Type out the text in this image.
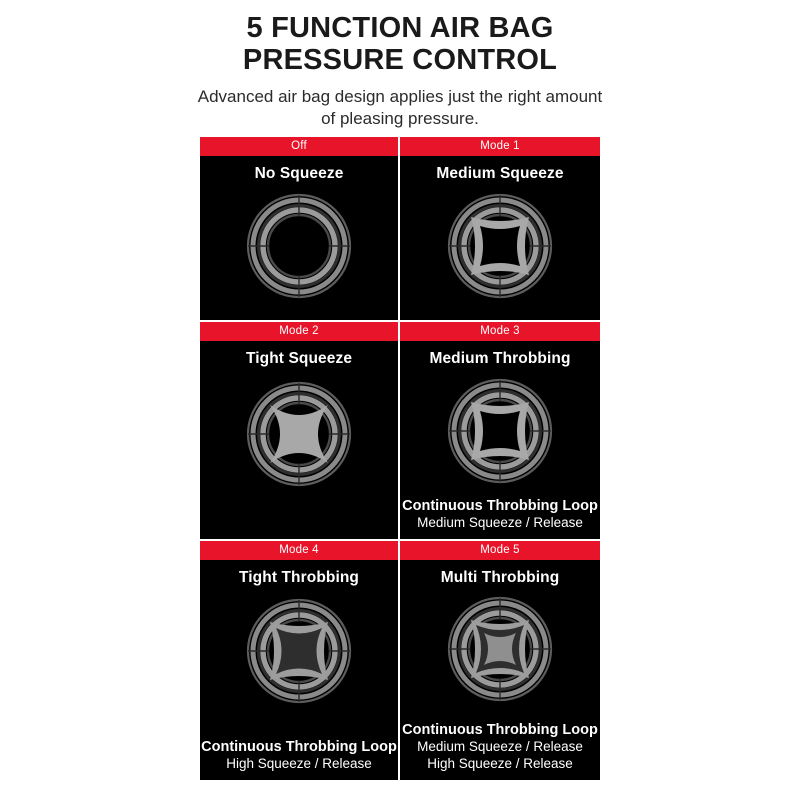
5 FUNCTION AIR BAG PRESSURE CONTROL
Advanced air bag design applies just the right amount of pleasing pressure.
Off
No Squeeze
Mode 1
Medium Squeeze
Mode 2
Tight Squeeze
Mode 3
Medium Throbbing
Continuous Throbbing Loop
Medium Squeeze / Release
Mode 4
Tight Throbbing
Continuous Throbbing Loop
High Squeeze / Release
Mode 5
Multi Throbbing
Continuous Throbbing Loop
Medium Squeeze / Release
High Squeeze / Release
